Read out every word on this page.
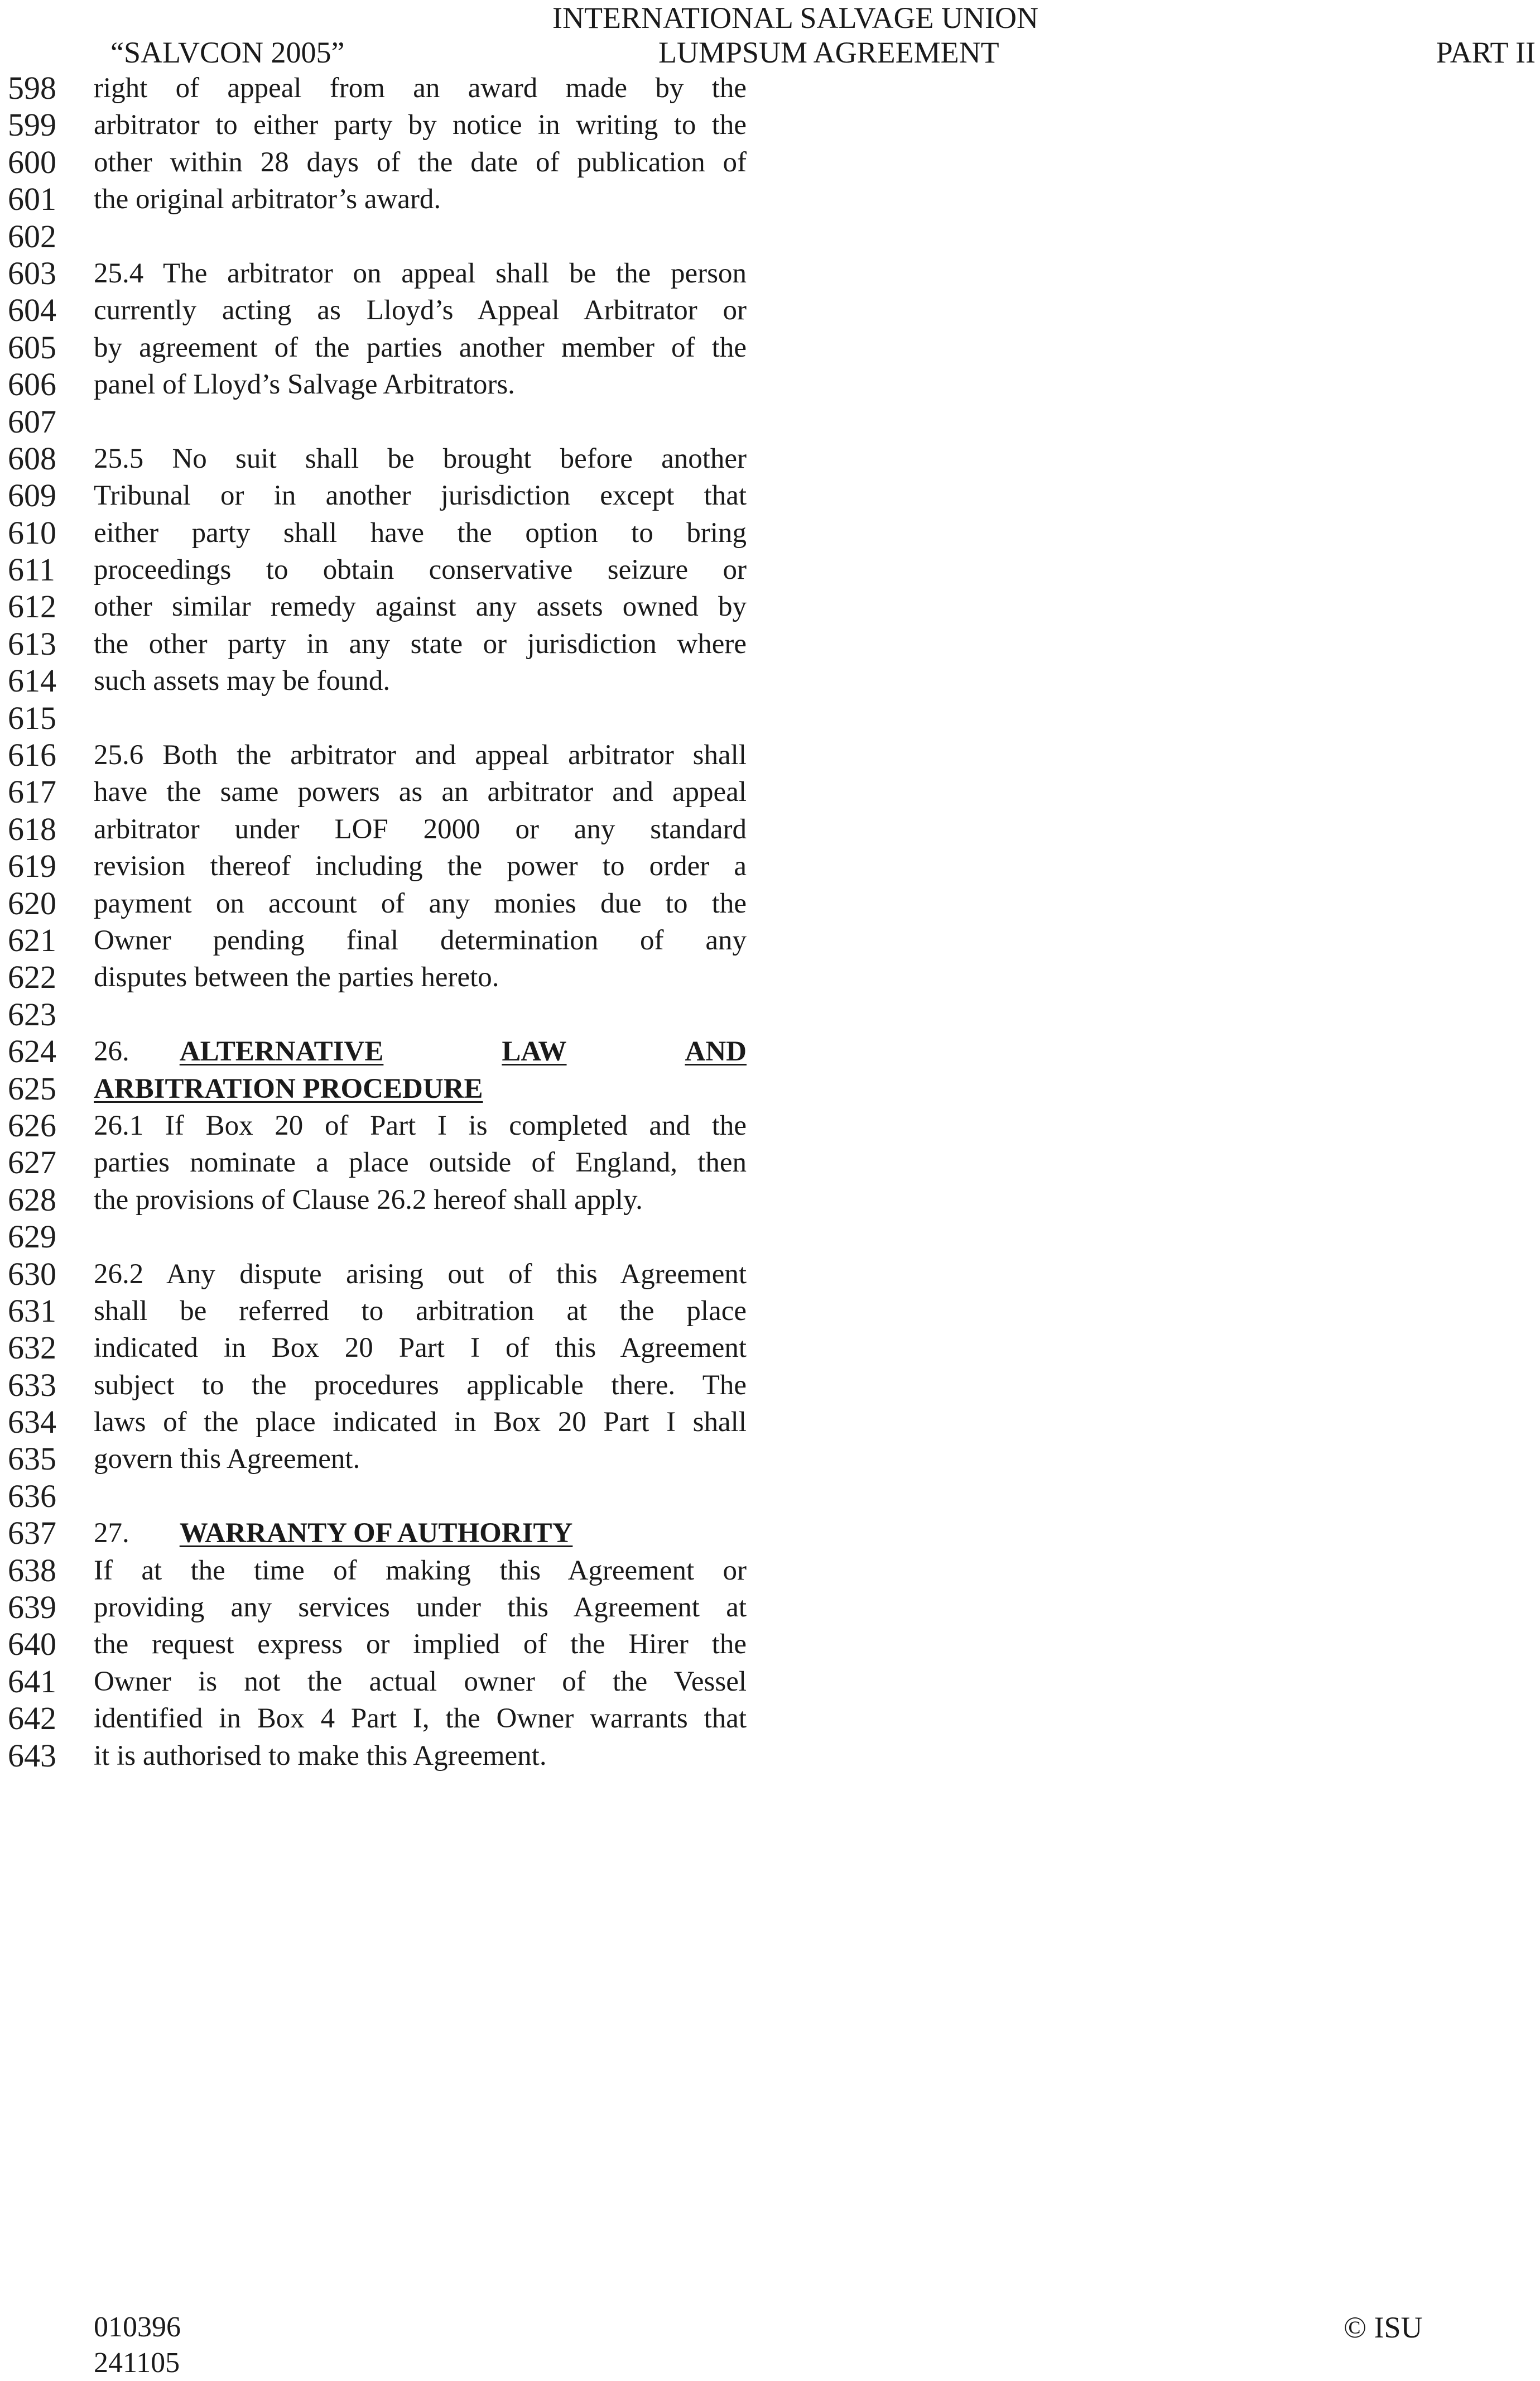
INTERNATIONAL SALVAGE UNION
“SALVCON 2005”	LUMPSUM AGREEMENT	PART II
598
599
600
601
602
603
604
605
606
607
608
609
610
611
612
613
614
615
616
617
618
619
620
621
622
623
624
625
626
627
628
629
630
631
632
633
634
635
636
637
638
639
640
641
642
643
right of appeal from an award made by the
arbitrator to either party by notice in writing to the
other within 28 days of the date of publication of
the original arbitrator’s award.
25.4 The arbitrator on appeal shall be the person
currently acting as Lloyd’s Appeal Arbitrator or
by agreement of the parties another member of the
panel of Lloyd’s Salvage Arbitrators.
25.5 No suit shall be brought before another
Tribunal or in another jurisdiction except that
either party shall have the option to bring
proceedings to obtain conservative seizure or
other similar remedy against any assets owned by
the other party in any state or jurisdiction where
such assets may be found.
25.6 Both the arbitrator and appeal arbitrator shall
have the same powers as an arbitrator and appeal
arbitrator under LOF 2000 or any standard
revision thereof including the power to order a
payment on account of any monies due to the
Owner pending final determination of any
disputes between the parties hereto.
26. ALTERNATIVE	LAW	AND
ARBITRATION PROCEDURE
26.1 If Box 20 of Part I is completed and the
parties nominate a place outside of England, then
the provisions of Clause 26.2 hereof shall apply.
26.2 Any dispute arising out of this Agreement
shall be referred to arbitration at the place
indicated in Box 20 Part I of this Agreement
subject to the procedures applicable there. The
laws of the place indicated in Box 20 Part I shall
govern this Agreement.
27. WARRANTY OF AUTHORITY
If at the time of making this Agreement or
providing any services under this Agreement at
the request express or implied of the Hirer the
Owner is not the actual owner of the Vessel
identified in Box 4 Part I, the Owner warrants that
it is authorised to make this Agreement.
010396
241105
© ISU
